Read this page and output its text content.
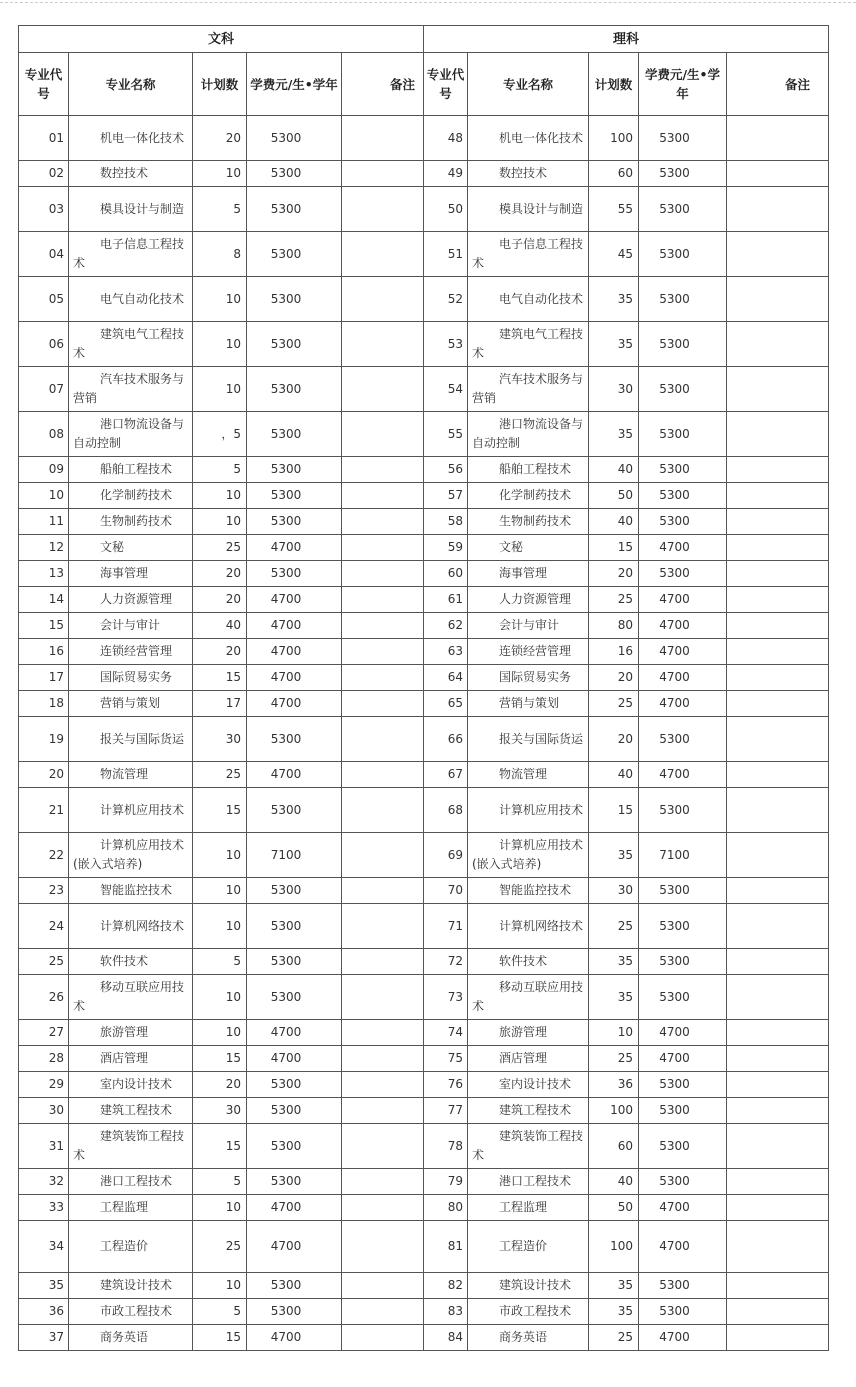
文科				
专业代号	专业名称	计划数	学费元/生•学年	备注
01	机电一体化技术	20	5300	
02	数控技术	10	5300	
03	模具设计与制造	5	5300	
04	电子信息工程技术	8	5300	
05	电气自动化技术	10	5300	
06	建筑电气工程技术	10	5300	
07	汽车技术服务与营销	10	5300	
08	港口物流设备与自动控制	，5	5300	
09	船舶工程技术	5	5300	
10	化学制药技术	10	5300	
11	生物制药技术	10	5300	
12	文秘	25	4700	
13	海事管理	20	5300	
14	人力资源管理	20	4700	
15	会计与审计	40	4700	
16	连锁经营管理	20	4700	
17	国际贸易实务	15	4700	
18	营销与策划	17	4700	
19	报关与国际货运	30	5300	
20	物流管理	25	4700	
21	计算机应用技术	15	5300	
22	计算机应用技术(嵌入式培养)	10	7100	
23	智能监控技术	10	5300	
24	计算机网络技术	10	5300	
25	软件技术	5	5300	
26	移动互联应用技术	10	5300	
27	旅游管理	10	4700	
28	酒店管理	15	4700	
29	室内设计技术	20	5300	
30	建筑工程技术	30	5300	
31	建筑装饰工程技术	15	5300	
32	港口工程技术	5	5300	
33	工程监理	10	4700	
34	工程造价	25	4700	
35	建筑设计技术	10	5300	
36	市政工程技术	5	5300	
37	商务英语	15	4700	
理科				
专业代号	专业名称	计划数	学费元/生•学年	备注
48	机电一体化技术	100	5300	
49	数控技术	60	5300	
50	模具设计与制造	55	5300	
51	电子信息工程技术	45	5300	
52	电气自动化技术	35	5300	
53	建筑电气工程技术	35	5300	
54	汽车技术服务与营销	30	5300	
55	港口物流设备与自动控制	35	5300	
56	船舶工程技术	40	5300	
57	化学制药技术	50	5300	
58	生物制药技术	40	5300	
59	文秘	15	4700	
60	海事管理	20	5300	
61	人力资源管理	25	4700	
62	会计与审计	80	4700	
63	连锁经营管理	16	4700	
64	国际贸易实务	20	4700	
65	营销与策划	25	4700	
66	报关与国际货运	20	5300	
67	物流管理	40	4700	
68	计算机应用技术	15	5300	
69	计算机应用技术(嵌入式培养)	35	7100	
70	智能监控技术	30	5300	
71	计算机网络技术	25	5300	
72	软件技术	35	5300	
73	移动互联应用技术	35	5300	
74	旅游管理	10	4700	
75	酒店管理	25	4700	
76	室内设计技术	36	5300	
77	建筑工程技术	100	5300	
78	建筑装饰工程技术	60	5300	
79	港口工程技术	40	5300	
80	工程监理	50	4700	
81	工程造价	100	4700	
82	建筑设计技术	35	5300	
83	市政工程技术	35	5300	
84	商务英语	25	4700	
